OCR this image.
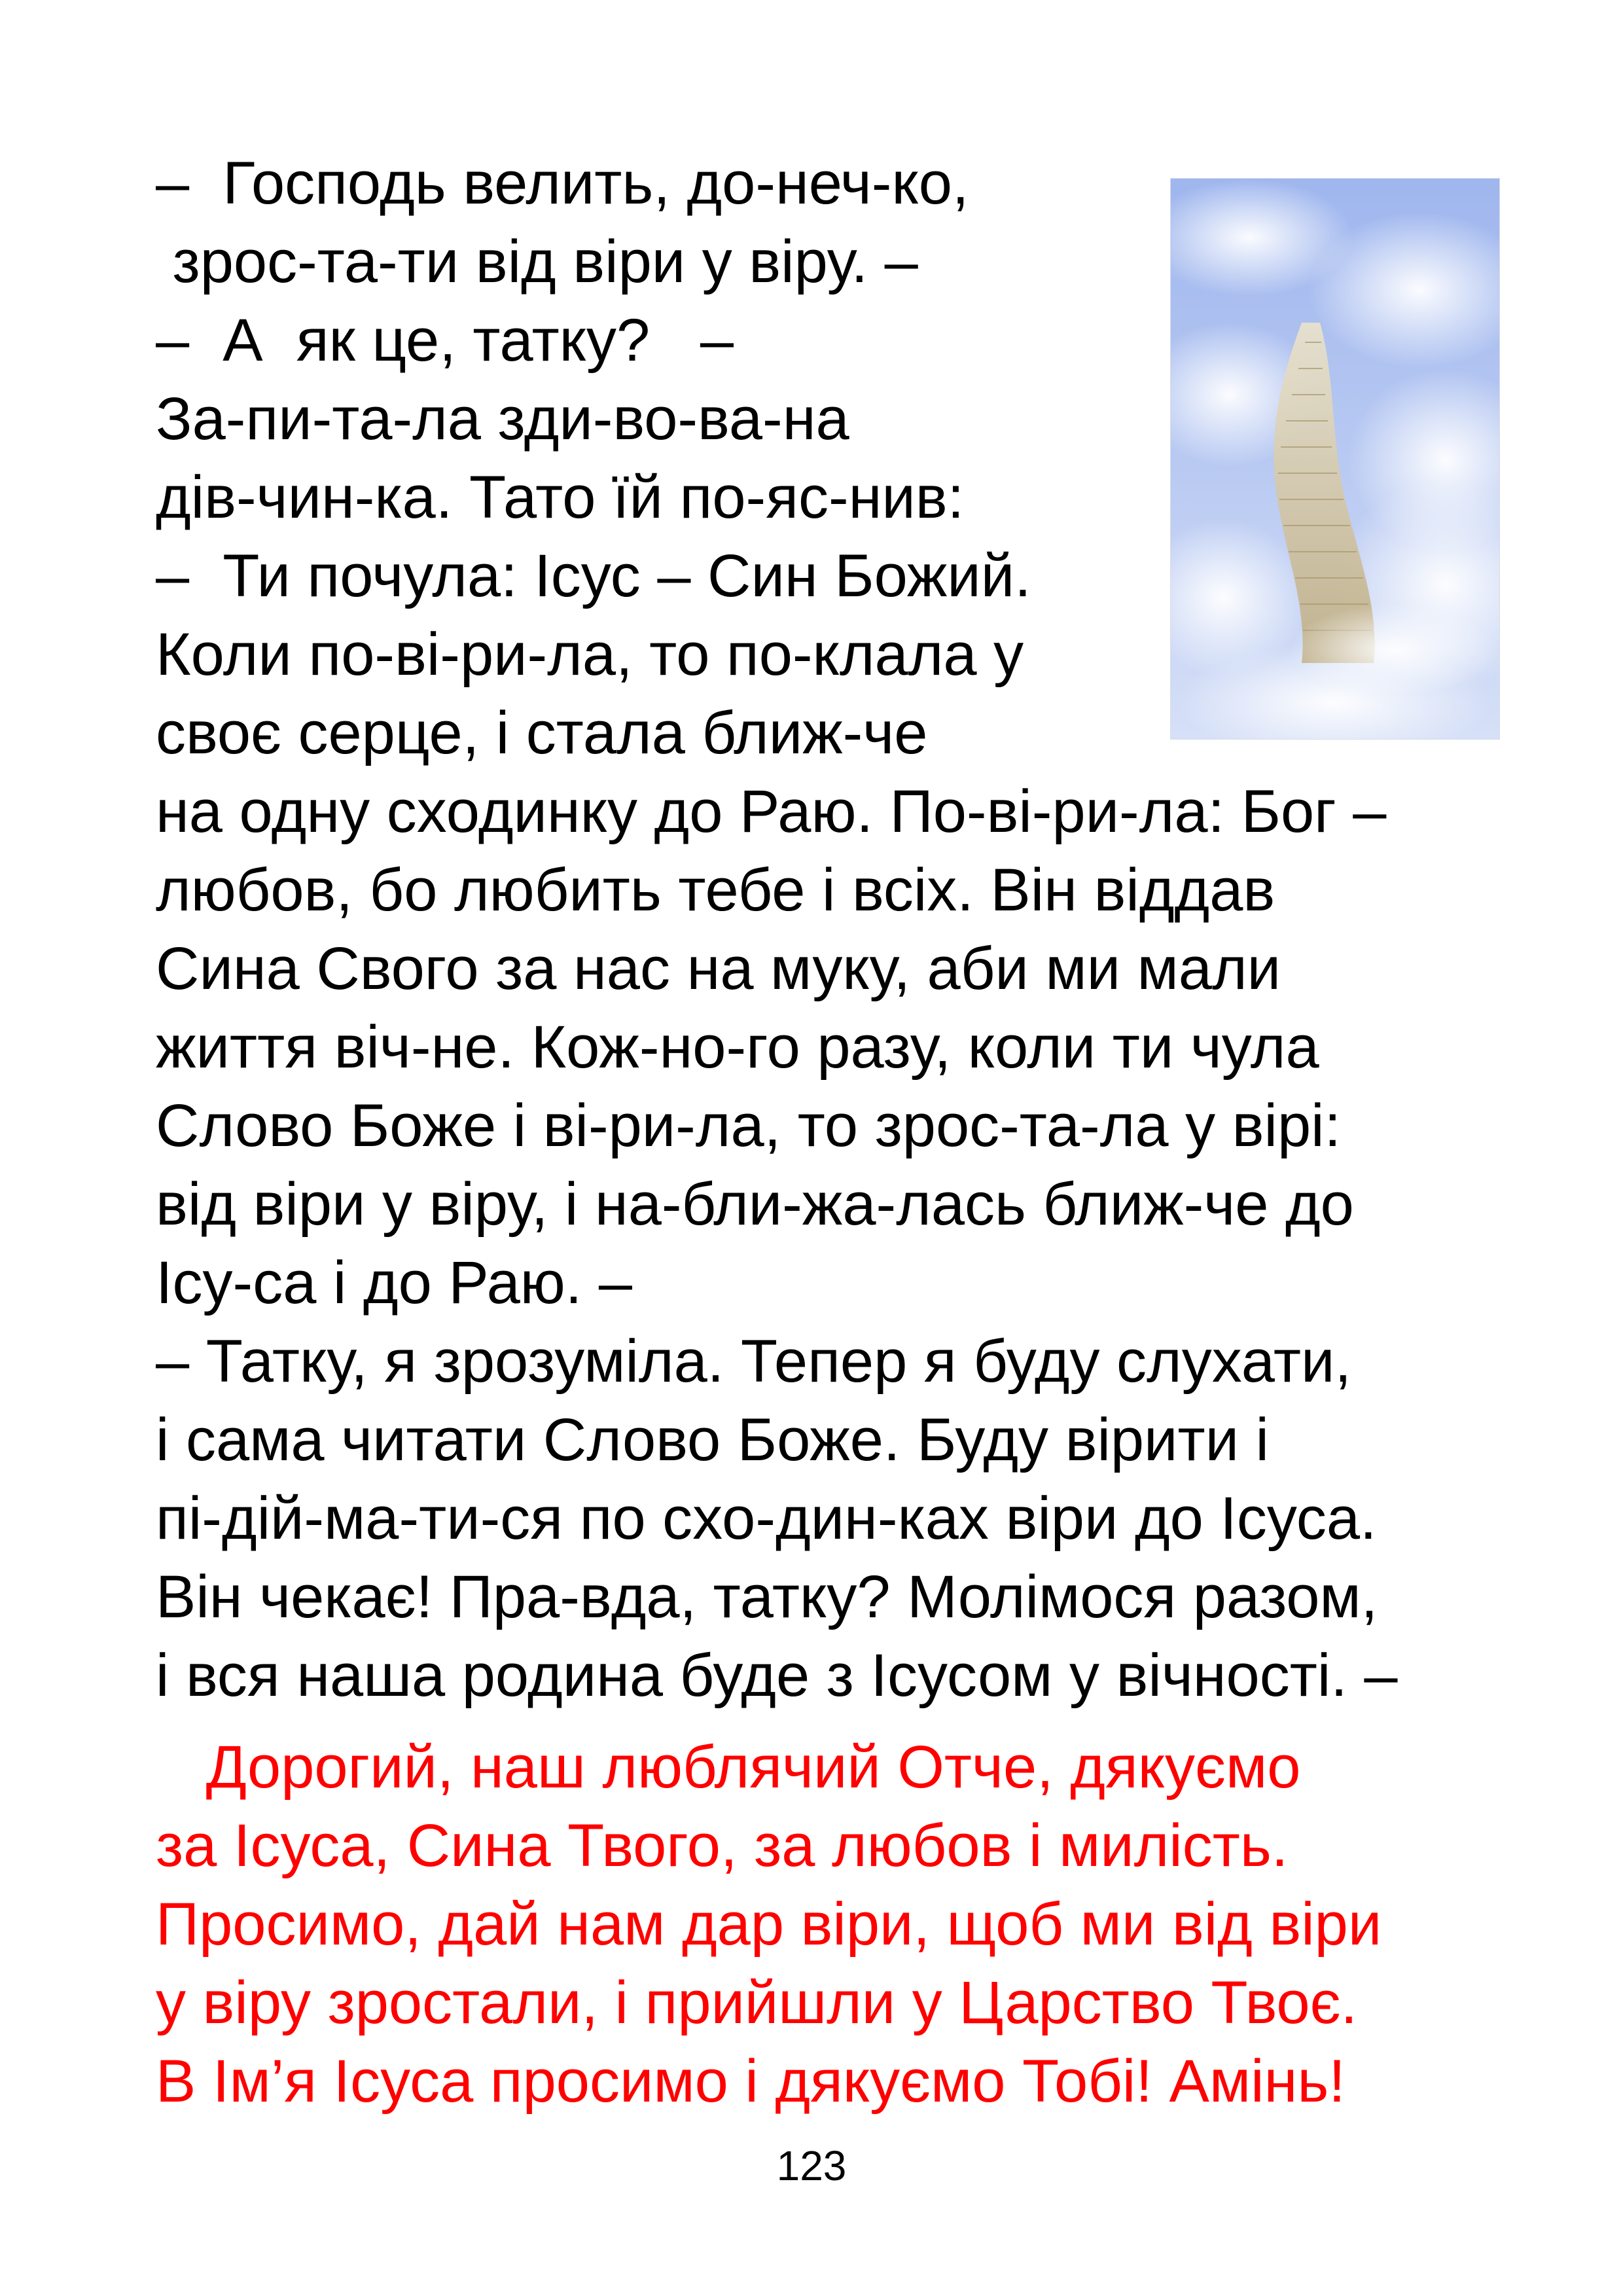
–  Господь велить, до-неч-ко,
зрос-та-ти від віри у віру. –
–  А  як це, татку?   –
За-пи-та-ла зди-во-ва-на
дів-чин-ка. Тато їй по-яс-нив:
–  Ти почула: Ісус – Син Божий.
Коли по-ві-ри-ла, то по-клала у
своє серце, і стала ближ-че
на одну сходинку до Раю. По-ві-ри-ла: Бог –
любов, бо любить тебе і всіх. Він віддав
Сина Свого за нас на муку, аби ми мали
життя віч-не. Кож-но-го разу, коли ти чула
Слово Боже і ві-ри-ла, то зрос-та-ла у вірі:
від віри у віру, і на-бли-жа-лась ближ-че до
Ісу-са і до Раю. –
– Татку, я зрозуміла. Тепер я буду слухати,
і сама читати Слово Боже. Буду вірити і
пі-дій-ма-ти-ся по схо-дин-ках віри до Ісуса.
Він чекає! Пра-вда, татку? Молімося разом,
і вся наша родина буде з Ісусом у вічності. –
Дорогий, наш люблячий Отче, дякуємо
за Ісуса, Сина Твого, за любов і милість.
Просимо, дай нам дар віри, щоб ми від віри
у віру зростали, і прийшли у Царство Твоє.
В Ім’я Ісуса просимо і дякуємо Тобі! Амінь!
123
